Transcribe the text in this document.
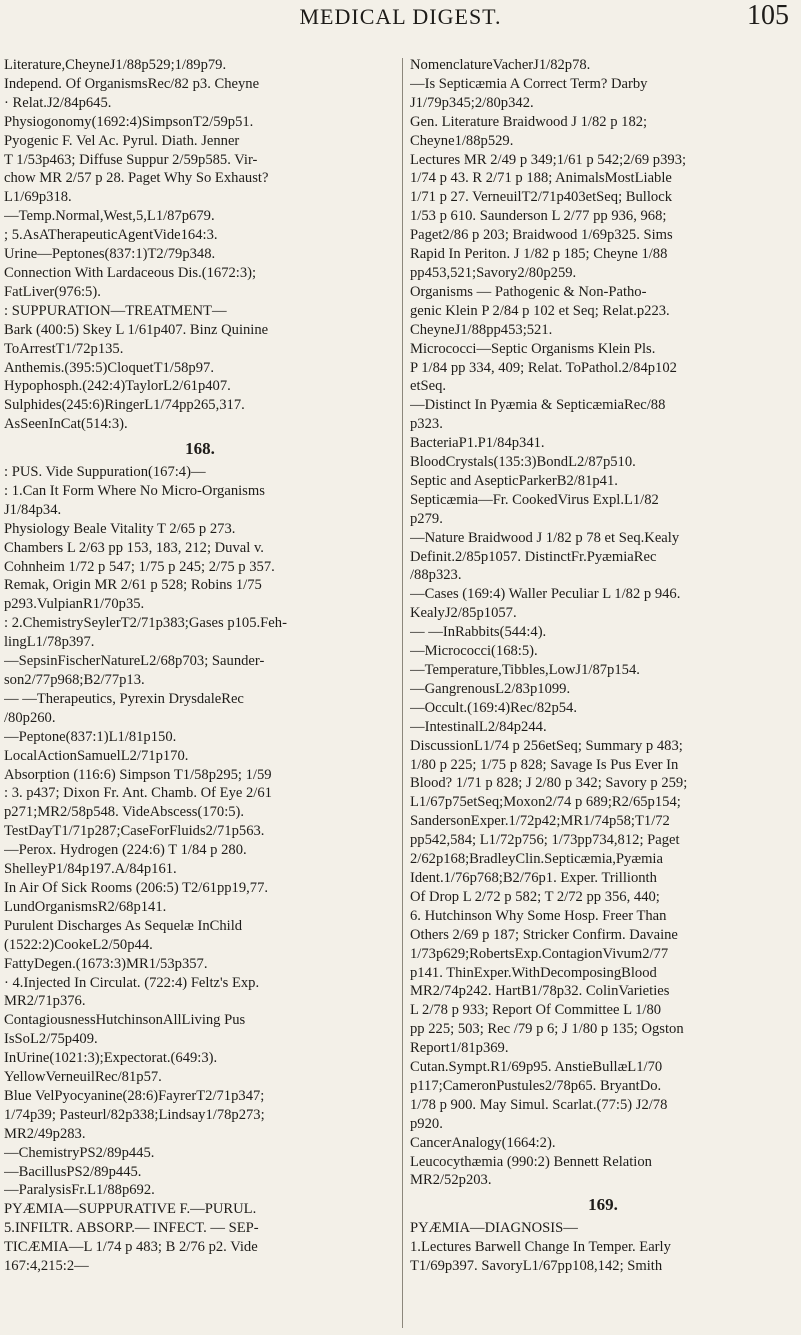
MEDICAL DIGEST.	105
Literature,CheyneJ1/88p529;1/89p79.
Independ. Of OrganismsRec/82 p3. Cheyne
· Relat.J2/84p645.
Physiogonomy(1692:4)SimpsonT2/59p51.
Pyogenic F. Vel Ac. Pyrul. Diath. Jenner
T 1/53p463; Diffuse Suppur 2/59p585. Vir-
chow MR 2/57 p 28. Paget Why So Exhaust?
L1/69p318.
—Temp.Normal,West,5,L1/87p679.
; 5.AsATherapeuticAgentVide164:3.
Urine—Peptones(837:1)T2/79p348.
Connection With Lardaceous Dis.(1672:3);
FatLiver(976:5).
: SUPPURATION—TREATMENT—
Bark (400:5) Skey L 1/61p407. Binz Quinine
ToArrestT1/72p135.
Anthemis.(395:5)CloquetT1/58p97.
Hypophosph.(242:4)TaylorL2/61p407.
Sulphides(245:6)RingerL1/74pp265,317.
AsSeenInCat(514:3).
168.
: PUS. Vide Suppuration(167:4)—
: 1.Can It Form Where No Micro-Organisms
J1/84p34.
Physiology Beale Vitality T 2/65 p 273.
Chambers L 2/63 pp 153, 183, 212; Duval v.
Cohnheim 1/72 p 547; 1/75 p 245; 2/75 p 357.
Remak, Origin MR 2/61 p 528; Robins 1/75
p293.VulpianR1/70p35.
: 2.ChemistrySeylerT2/71p383;Gases p105.Feh-
lingL1/78p397.
—SepsinFischerNatureL2/68p703; Saunder-
son2/77p968;B2/77p13.
— —Therapeutics, Pyrexin DrysdaleRec
/80p260.
—Peptone(837:1)L1/81p150.
LocalActionSamuelL2/71p170.
Absorption (116:6) Simpson T1/58p295; 1/59
: 3. p437; Dixon Fr. Ant. Chamb. Of Eye 2/61
p271;MR2/58p548. VideAbscess(170:5).
TestDayT1/71p287;CaseForFluids2/71p563.
—Perox. Hydrogen (224:6) T 1/84 p 280.
ShelleyP1/84p197.A/84p161.
In Air Of Sick Rooms (206:5) T2/61pp19,77.
LundOrganismsR2/68p141.
Purulent Discharges As Sequelæ InChild
(1522:2)CookeL2/50p44.
FattyDegen.(1673:3)MR1/53p357.
· 4.Injected In Circulat. (722:4) Feltz's Exp.
MR2/71p376.
ContagiousnessHutchinsonAllLiving Pus
IsSoL2/75p409.
InUrine(1021:3);Expectorat.(649:3).
YellowVerneuilRec/81p57.
Blue VelPyocyanine(28:6)FayrerT2/71p347;
1/74p39; Pasteurl/82p338;Lindsay1/78p273;
MR2/49p283.
—ChemistryPS2/89p445.
—BacillusPS2/89p445.
—ParalysisFr.L1/88p692.
PYÆMIA—SUPPURATIVE F.—PURUL.
5.INFILTR. ABSORP.— INFECT. — SEP-
TICÆMIA—L 1/74 p 483; B 2/76 p2. Vide
167:4,215:2—
NomenclatureVacherJ1/82p78.
—Is Septicæmia A Correct Term? Darby
J1/79p345;2/80p342.
Gen. Literature Braidwood J 1/82 p 182;
Cheyne1/88p529.
Lectures MR 2/49 p 349;1/61 p 542;2/69 p393;
1/74 p 43. R 2/71 p 188; AnimalsMostLiable
1/71 p 27. VerneuilT2/71p403etSeq; Bullock
1/53 p 610. Saunderson L 2/77 pp 936, 968;
Paget2/86 p 203; Braidwood 1/69p325. Sims
Rapid In Periton. J 1/82 p 185; Cheyne 1/88
pp453,521;Savory2/80p259.
Organisms — Pathogenic & Non-Patho-
genic Klein P 2/84 p 102 et Seq; Relat.p223.
CheyneJ1/88pp453;521.
Micrococci—Septic Organisms Klein Pls.
P 1/84 pp 334, 409; Relat. ToPathol.2/84p102
etSeq.
—Distinct In Pyæmia & SepticæmiaRec/88
p323.
BacteriaP1.P1/84p341.
BloodCrystals(135:3)BondL2/87p510.
Septic and AsepticParkerB2/81p41.
Septicæmia—Fr. CookedVirus Expl.L1/82
p279.
—Nature Braidwood J 1/82 p 78 et Seq.Kealy
Definit.2/85p1057. DistinctFr.PyæmiaRec
/88p323.
—Cases (169:4) Waller Peculiar L 1/82 p 946.
KealyJ2/85p1057.
— —InRabbits(544:4).
—Micrococci(168:5).
—Temperature,Tibbles,LowJ1/87p154.
—GangrenousL2/83p1099.
—Occult.(169:4)Rec/82p54.
—IntestinalL2/84p244.
DiscussionL1/74 p 256etSeq; Summary p 483;
1/80 p 225; 1/75 p 828; Savage Is Pus Ever In
Blood? 1/71 p 828; J 2/80 p 342; Savory p 259;
L1/67p75etSeq;Moxon2/74 p 689;R2/65p154;
SandersonExper.1/72p42;MR1/74p58;T1/72
pp542,584; L1/72p756; 1/73pp734,812; Paget
2/62p168;BradleyClin.Septicæmia,Pyæmia
Ident.1/76p768;B2/76p1. Exper. Trillionth
Of Drop L 2/72 p 582; T 2/72 pp 356, 440;
6. Hutchinson Why Some Hosp. Freer Than
Others 2/69 p 187; Stricker Confirm. Davaine
1/73p629;RobertsExp.ContagionVivum2/77
p141. ThinExper.WithDecomposingBlood
MR2/74p242. HartB1/78p32. ColinVarieties
L 2/78 p 933; Report Of Committee L 1/80
pp 225; 503; Rec /79 p 6; J 1/80 p 135; Ogston
Report1/81p369.
Cutan.Sympt.R1/69p95. AnstieBullæL1/70
p117;CameronPustules2/78p65. BryantDo.
1/78 p 900. May Simul. Scarlat.(77:5) J2/78
p920.
CancerAnalogy(1664:2).
Leucocythæmia (990:2) Bennett Relation
MR2/52p203.
169.
PYÆMIA—DIAGNOSIS—
1.Lectures Barwell Change In Temper. Early
T1/69p397. SavoryL1/67pp108,142; Smith
